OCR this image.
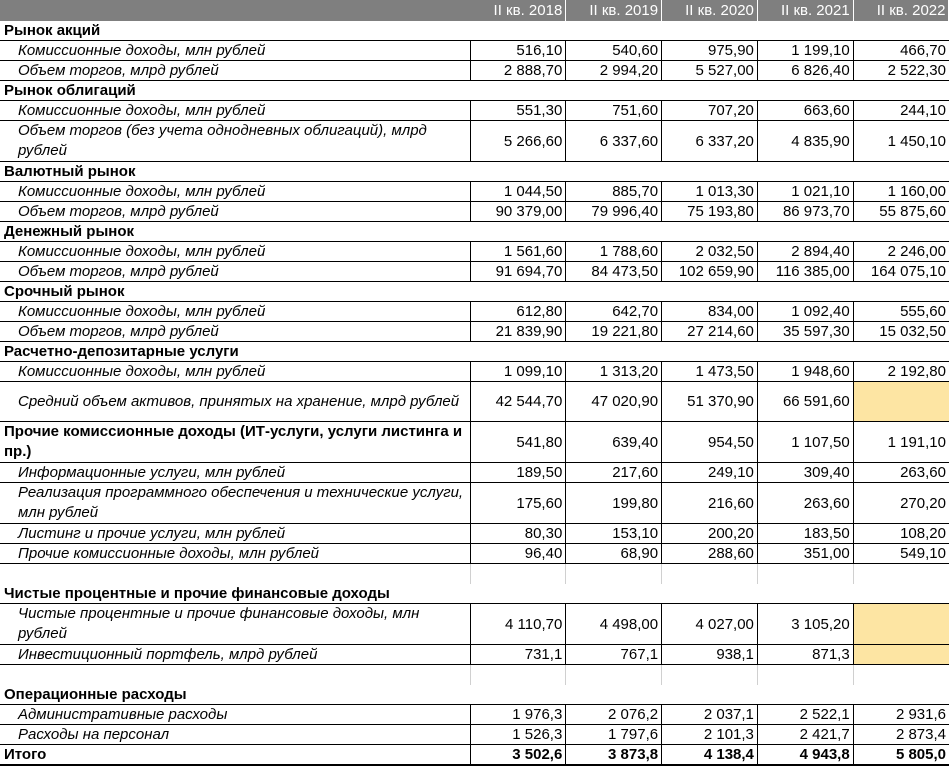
	II кв. 2018	II кв. 2019	II кв. 2020	II кв. 2021	II кв. 2022
Рынок акций					
Комиссионные доходы, млн рублей	516,10	540,60	975,90	1 199,10	466,70
Объем торгов, млрд рублей	2 888,70	2 994,20	5 527,00	6 826,40	2 522,30
Рынок облигаций					
Комиссионные доходы, млн рублей	551,30	751,60	707,20	663,60	244,10
Объем торгов (без учета однодневных облигаций), млрд рублей	5 266,60	6 337,60	6 337,20	4 835,90	1 450,10
Валютный рынок					
Комиссионные доходы, млн рублей	1 044,50	885,70	1 013,30	1 021,10	1 160,00
Объем торгов, млрд рублей	90 379,00	79 996,40	75 193,80	86 973,70	55 875,60
Денежный рынок					
Комиссионные доходы, млн рублей	1 561,60	1 788,60	2 032,50	2 894,40	2 246,00
Объем торгов, млрд рублей	91 694,70	84 473,50	102 659,90	116 385,00	164 075,10
Срочный рынок					
Комиссионные доходы, млн рублей	612,80	642,70	834,00	1 092,40	555,60
Объем торгов, млрд рублей	21 839,90	19 221,80	27 214,60	35 597,30	15 032,50
Расчетно-депозитарные услуги					
Комиссионные доходы, млн рублей	1 099,10	1 313,20	1 473,50	1 948,60	2 192,80
Средний объем активов, принятых на хранение, млрд рублей	42 544,70	47 020,90	51 370,90	66 591,60	
Прочие комиссионные доходы (ИТ-услуги, услуги листинга и пр.)	541,80	639,40	954,50	1 107,50	1 191,10
Информационные услуги, млн рублей	189,50	217,60	249,10	309,40	263,60
Реализация программного обеспечения и технические услуги, млн рублей	175,60	199,80	216,60	263,60	270,20
Листинг и прочие услуги, млн рублей	80,30	153,10	200,20	183,50	108,20
Прочие комиссионные доходы, млн рублей	96,40	68,90	288,60	351,00	549,10

Чистые процентные и прочие финансовые доходы					
Чистые процентные и прочие финансовые доходы, млн рублей	4 110,70	4 498,00	4 027,00	3 105,20	
Инвестиционный портфель, млрд рублей	731,1	767,1	938,1	871,3	

Операционные расходы					
Административные расходы	1 976,3	2 076,2	2 037,1	2 522,1	2 931,6
Расходы на персонал	1 526,3	1 797,6	2 101,3	2 421,7	2 873,4
Итого	3 502,6	3 873,8	4 138,4	4 943,8	5 805,0
